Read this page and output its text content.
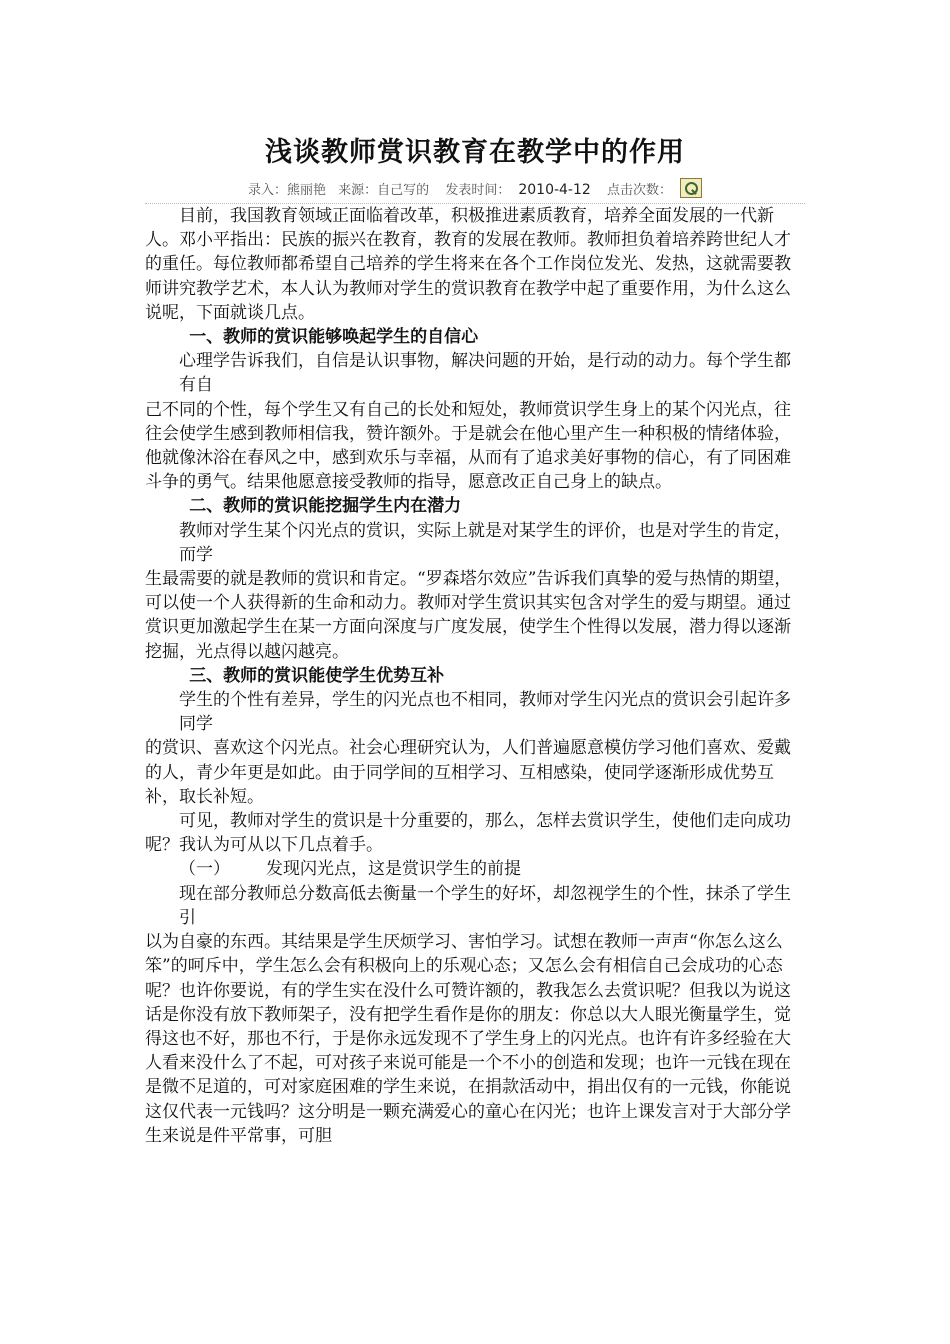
浅谈教师赏识教育在教学中的作用
录入：熊丽艳 来源：自己写的 发表时间： 2010-4-12 点击次数：

目前，我国教育领域正面临着改革，积极推进素质教育，培养全面发展的一代新人。邓小平指出：民族的振兴在教育，教育的发展在教师。教师担负着培养跨世纪人才的重任。每位教师都希望自己培养的学生将来在各个工作岗位发光、发热，这就需要教师讲究教学艺术，本人认为教师对学生的赏识教育在教学中起了重要作用，为什么这么说呢，下面就谈几点。

一、教师的赏识能够唤起学生的自信心

心理学告诉我们，自信是认识事物，解决问题的开始，是行动的动力。每个学生都有自

己不同的个性，每个学生又有自己的长处和短处，教师赏识学生身上的某个闪光点，往往会使学生感到教师相信我，赞许额外。于是就会在他心里产生一种积极的情绪体验，他就像沐浴在春风之中，感到欢乐与幸福，从而有了追求美好事物的信心，有了同困难斗争的勇气。结果他愿意接受教师的指导，愿意改正自己身上的缺点。

二、教师的赏识能挖掘学生内在潜力

教师对学生某个闪光点的赏识，实际上就是对某学生的评价，也是对学生的肯定，而学

生最需要的就是教师的赏识和肯定。“罗森塔尔效应”告诉我们真挚的爱与热情的期望，可以使一个人获得新的生命和动力。教师对学生赏识其实包含对学生的爱与期望。通过赏识更加激起学生在某一方面向深度与广度发展，使学生个性得以发展，潜力得以逐渐挖掘，光点得以越闪越亮。

三、教师的赏识能使学生优势互补

学生的个性有差异，学生的闪光点也不相同，教师对学生闪光点的赏识会引起许多同学

的赏识、喜欢这个闪光点。社会心理研究认为，人们普遍愿意模仿学习他们喜欢、爱戴的人，青少年更是如此。由于同学间的互相学习、互相感染，使同学逐渐形成优势互补，取长补短。

可见，教师对学生的赏识是十分重要的，那么，怎样去赏识学生，使他们走向成功呢？我认为可从以下几点着手。

（一） 发现闪光点，这是赏识学生的前提

现在部分教师总分数高低去衡量一个学生的好坏，却忽视学生的个性，抹杀了学生引

以为自豪的东西。其结果是学生厌烦学习、害怕学习。试想在教师一声声“你怎么这么笨”的呵斥中，学生怎么会有积极向上的乐观心态；又怎么会有相信自己会成功的心态呢？也许你要说，有的学生实在没什么可赞许额的，教我怎么去赏识呢？但我以为说这话是你没有放下教师架子，没有把学生看作是你的朋友：你总以大人眼光衡量学生，觉得这也不好，那也不行，于是你永远发现不了学生身上的闪光点。也许有许多经验在大人看来没什么了不起，可对孩子来说可能是一个不小的创造和发现；也许一元钱在现在是微不足道的，可对家庭困难的学生来说，在捐款活动中，捐出仅有的一元钱，你能说这仅代表一元钱吗？这分明是一颗充满爱心的童心在闪光；也许上课发言对于大部分学生来说是件平常事，可胆
